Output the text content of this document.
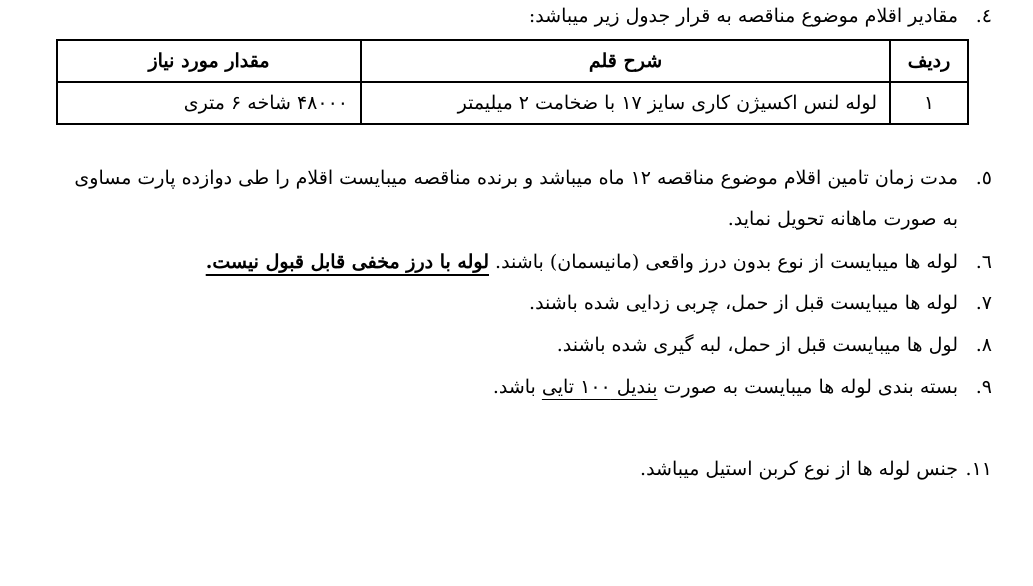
.٤
مقادیر اقلام موضوع مناقصه به قرار جدول زیر میباشد:
ردیف	شرح قلم	مقدار مورد نیاز
۱	لوله لنس اکسیژن کاری سایز ۱۷ با ضخامت ۲ میلیمتر	۴۸۰۰۰ شاخه ۶ متری
.٥
مدت زمان تامین اقلام موضوع مناقصه ۱۲ ماه میباشد و برنده مناقصه میبایست اقلام را طی دوازده پارت مساوی به صورت ماهانه تحویل نماید.
.٦
لوله ها میبایست از نوع بدون درز واقعی (مانیسمان) باشند. لوله با درز مخفی قابل قبول نیست.
.٧
لوله ها میبایست قبل از حمل، چربی زدایی شده باشند.
.٨
لول ها میبایست قبل از حمل، لبه گیری شده باشند.
.٩
بسته بندی لوله ها میبایست به صورت بندیل ۱۰۰ تایی باشد.
.١١
جنس لوله ها از نوع کربن استیل میباشد.
